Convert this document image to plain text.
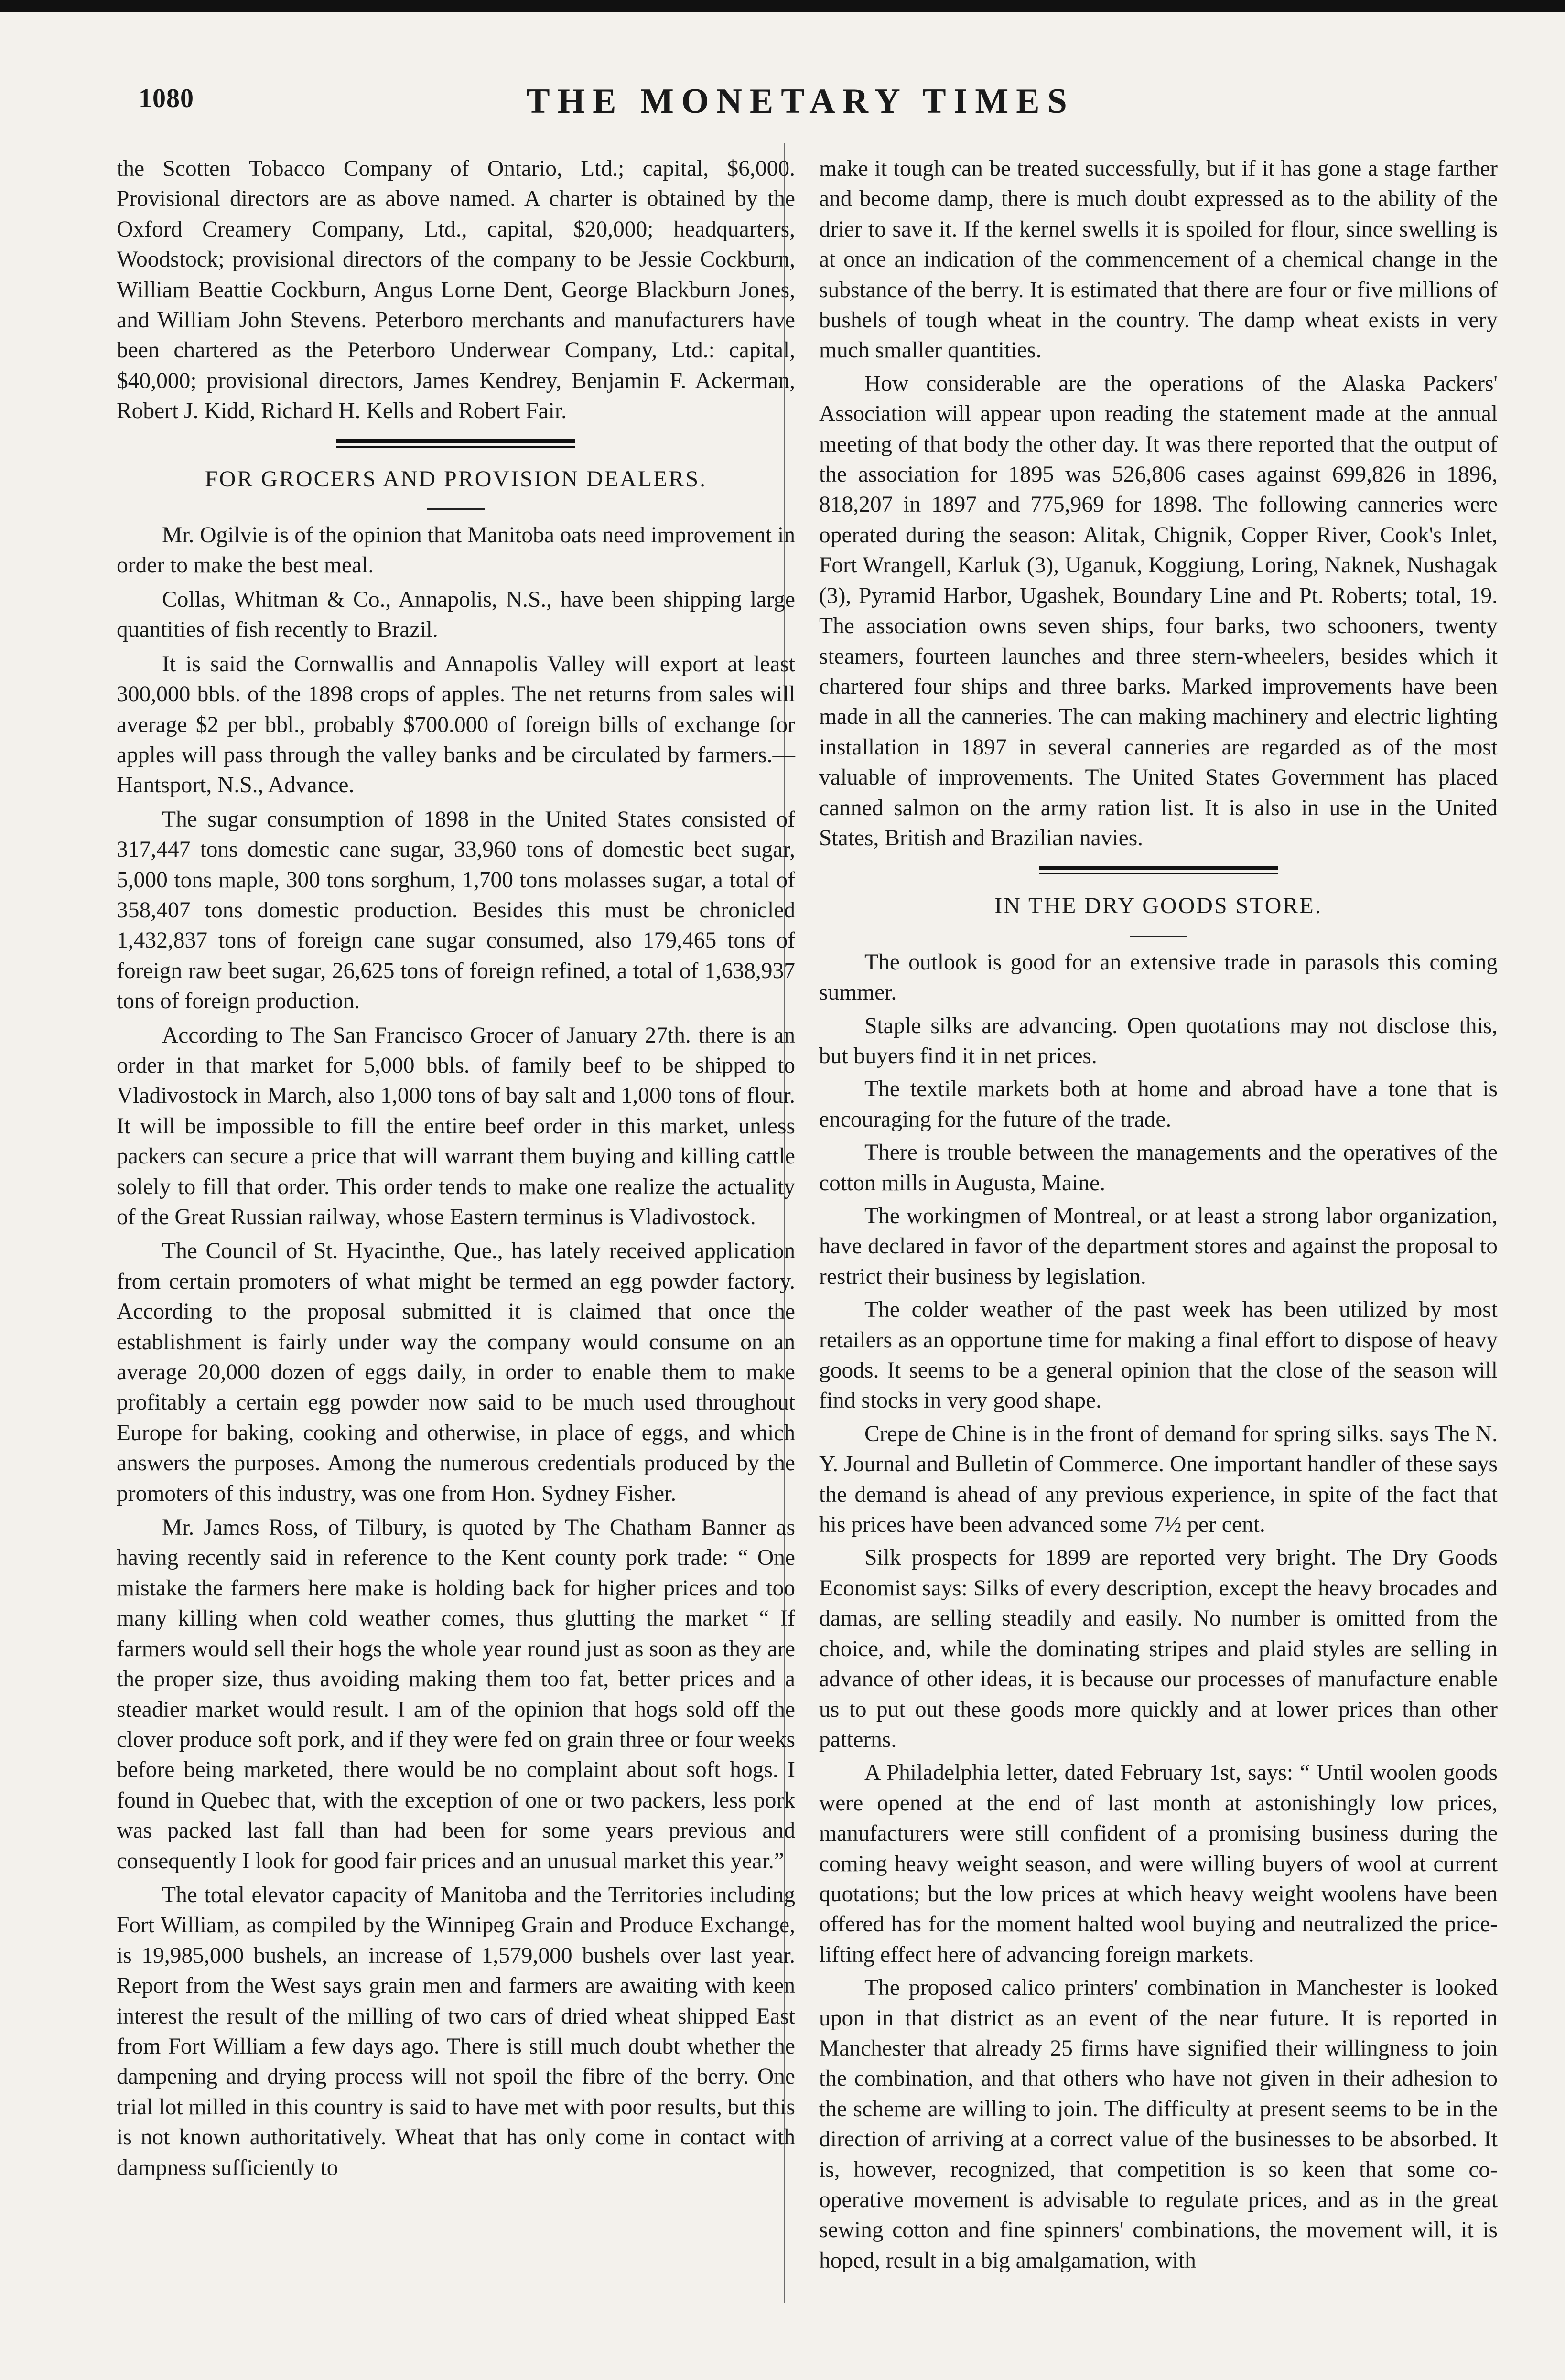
1080	THE MONETARY TIMES

the Scotten Tobacco Company of Ontario, Ltd.; capital, $6,000. Provisional directors are as above named. A charter is obtained by the Oxford Creamery Company, Ltd., capital, $20,000; headquarters, Woodstock; provisional directors of the company to be Jessie Cockburn, William Beattie Cockburn, Angus Lorne Dent, George Blackburn Jones, and William John Stevens. Peterboro merchants and manufacturers have been chartered as the Peterboro Underwear Company, Ltd.: capital, $40,000; provisional directors, James Kendrey, Benjamin F. Ackerman, Robert J. Kidd, Richard H. Kells and Robert Fair.

FOR GROCERS AND PROVISION DEALERS.

Mr. Ogilvie is of the opinion that Manitoba oats need improvement in order to make the best meal.

Collas, Whitman & Co., Annapolis, N.S., have been shipping large quantities of fish recently to Brazil.

It is said the Cornwallis and Annapolis Valley will export at least 300,000 bbls. of the 1898 crops of apples. The net returns from sales will average $2 per bbl., probably $700.000 of foreign bills of exchange for apples will pass through the valley banks and be circulated by farmers.—Hantsport, N.S., Advance.

The sugar consumption of 1898 in the United States consisted of 317,447 tons domestic cane sugar, 33,960 tons of domestic beet sugar, 5,000 tons maple, 300 tons sorghum, 1,700 tons molasses sugar, a total of 358,407 tons domestic production. Besides this must be chronicled 1,432,837 tons of foreign cane sugar consumed, also 179,465 tons of foreign raw beet sugar, 26,625 tons of foreign refined, a total of 1,638,937 tons of foreign production.

According to The San Francisco Grocer of January 27th. there is an order in that market for 5,000 bbls. of family beef to be shipped to Vladivostock in March, also 1,000 tons of bay salt and 1,000 tons of flour. It will be impossible to fill the entire beef order in this market, unless packers can secure a price that will warrant them buying and killing cattle solely to fill that order. This order tends to make one realize the actuality of the Great Russian railway, whose Eastern terminus is Vladivostock.

The Council of St. Hyacinthe, Que., has lately received application from certain promoters of what might be termed an egg powder factory. According to the proposal submitted it is claimed that once the establishment is fairly under way the company would consume on an average 20,000 dozen of eggs daily, in order to enable them to make profitably a certain egg powder now said to be much used throughout Europe for baking, cooking and otherwise, in place of eggs, and which answers the purposes. Among the numerous credentials produced by the promoters of this industry, was one from Hon. Sydney Fisher.

Mr. James Ross, of Tilbury, is quoted by The Chatham Banner as having recently said in reference to the Kent county pork trade: “ One mistake the farmers here make is holding back for higher prices and too many killing when cold weather comes, thus glutting the market “ If farmers would sell their hogs the whole year round just as soon as they are the proper size, thus avoiding making them too fat, better prices and a steadier market would result. I am of the opinion that hogs sold off the clover produce soft pork, and if they were fed on grain three or four weeks before being marketed, there would be no complaint about soft hogs. I found in Quebec that, with the exception of one or two packers, less pork was packed last fall than had been for some years previous and consequently I look for good fair prices and an unusual market this year.”

The total elevator capacity of Manitoba and the Territories including Fort William, as compiled by the Winnipeg Grain and Produce Exchange, is 19,985,000 bushels, an increase of 1,579,000 bushels over last year. Report from the West says grain men and farmers are awaiting with keen interest the result of the milling of two cars of dried wheat shipped East from Fort William a few days ago. There is still much doubt whether the dampening and drying process will not spoil the fibre of the berry. One trial lot milled in this country is said to have met with poor results, but this is not known authoritatively. Wheat that has only come in contact with dampness sufficiently to

make it tough can be treated successfully, but if it has gone a stage farther and become damp, there is much doubt expressed as to the ability of the drier to save it. If the kernel swells it is spoiled for flour, since swelling is at once an indication of the commencement of a chemical change in the substance of the berry. It is estimated that there are four or five millions of bushels of tough wheat in the country. The damp wheat exists in very much smaller quantities.

How considerable are the operations of the Alaska Packers' Association will appear upon reading the statement made at the annual meeting of that body the other day. It was there reported that the output of the association for 1895 was 526,806 cases against 699,826 in 1896, 818,207 in 1897 and 775,969 for 1898. The following canneries were operated during the season: Alitak, Chignik, Copper River, Cook's Inlet, Fort Wrangell, Karluk (3), Uganuk, Koggiung, Loring, Naknek, Nushagak (3), Pyramid Harbor, Ugashek, Boundary Line and Pt. Roberts; total, 19. The association owns seven ships, four barks, two schooners, twenty steamers, fourteen launches and three stern-wheelers, besides which it chartered four ships and three barks. Marked improvements have been made in all the canneries. The can making machinery and electric lighting installation in 1897 in several canneries are regarded as of the most valuable of improvements. The United States Government has placed canned salmon on the army ration list. It is also in use in the United States, British and Brazilian navies.

IN THE DRY GOODS STORE.

The outlook is good for an extensive trade in parasols this coming summer.

Staple silks are advancing. Open quotations may not disclose this, but buyers find it in net prices.

The textile markets both at home and abroad have a tone that is encouraging for the future of the trade.

There is trouble between the managements and the operatives of the cotton mills in Augusta, Maine.

The workingmen of Montreal, or at least a strong labor organization, have declared in favor of the department stores and against the proposal to restrict their business by legislation.

The colder weather of the past week has been utilized by most retailers as an opportune time for making a final effort to dispose of heavy goods. It seems to be a general opinion that the close of the season will find stocks in very good shape.

Crepe de Chine is in the front of demand for spring silks. says The N. Y. Journal and Bulletin of Commerce. One important handler of these says the demand is ahead of any previous experience, in spite of the fact that his prices have been advanced some 7½ per cent.

Silk prospects for 1899 are reported very bright. The Dry Goods Economist says: Silks of every description, except the heavy brocades and damas, are selling steadily and easily. No number is omitted from the choice, and, while the dominating stripes and plaid styles are selling in advance of other ideas, it is because our processes of manufacture enable us to put out these goods more quickly and at lower prices than other patterns.

A Philadelphia letter, dated February 1st, says: “ Until woolen goods were opened at the end of last month at astonishingly low prices, manufacturers were still confident of a promising business during the coming heavy weight season, and were willing buyers of wool at current quotations; but the low prices at which heavy weight woolens have been offered has for the moment halted wool buying and neutralized the price-lifting effect here of advancing foreign markets.

The proposed calico printers' combination in Manchester is looked upon in that district as an event of the near future. It is reported in Manchester that already 25 firms have signified their willingness to join the combination, and that others who have not given in their adhesion to the scheme are willing to join. The difficulty at present seems to be in the direction of arriving at a correct value of the businesses to be absorbed. It is, however, recognized, that competition is so keen that some co-operative movement is advisable to regulate prices, and as in the great sewing cotton and fine spinners' combinations, the movement will, it is hoped, result in a big amalgamation, with
